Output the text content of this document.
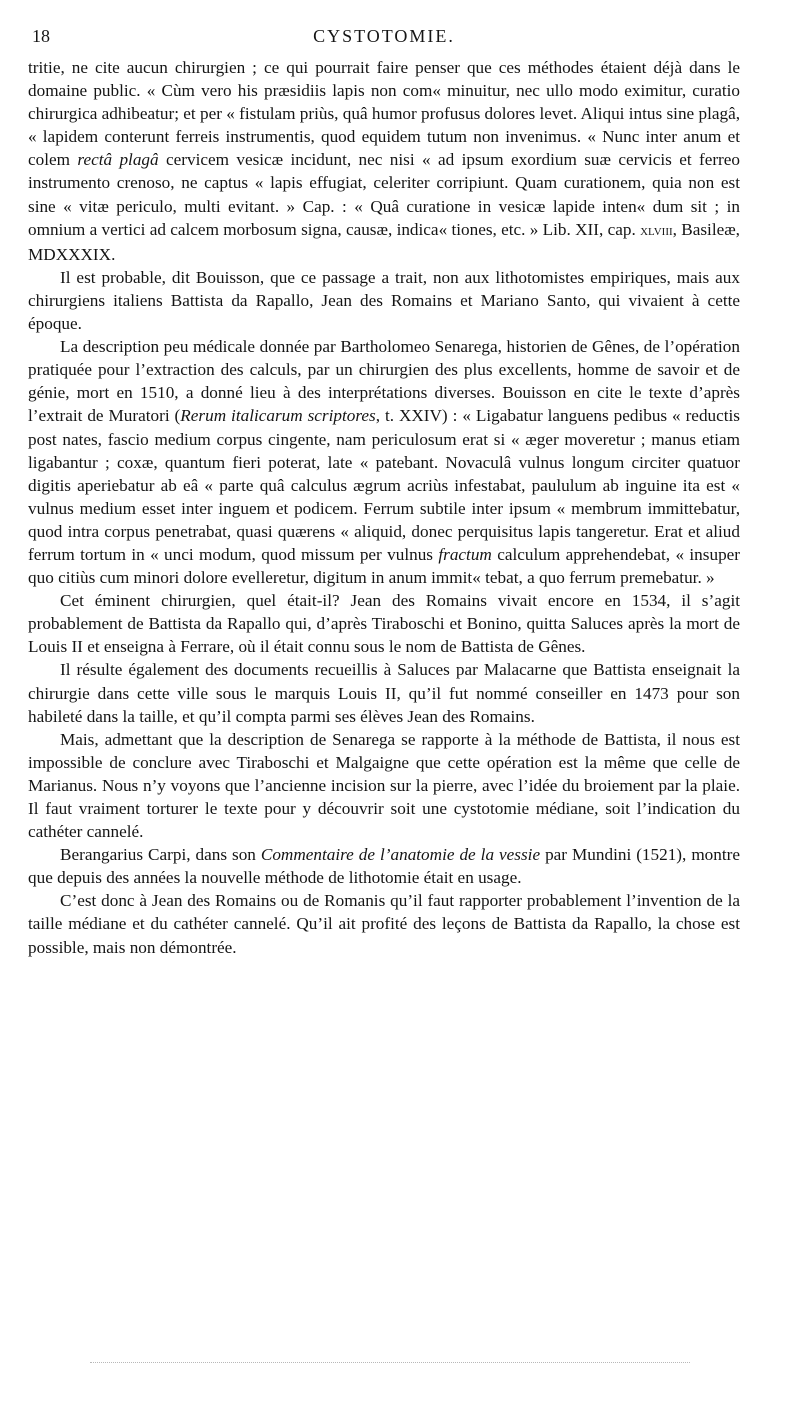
18	CYSTOTOMIE.

tritie, ne cite aucun chirurgien ; ce qui pourrait faire penser que ces méthodes étaient déjà dans le domaine public. « Cùm vero his præsidiis lapis non com« minuitur, nec ullo modo eximitur, curatio chirurgica adhibeatur; et per « fistulam priùs, quâ humor profusus dolores levet. Aliqui intus sine plagâ, « lapidem conterunt ferreis instrumentis, quod equidem tutum non invenimus. « Nunc inter anum et colem rectâ plagâ cervicem vesicæ incidunt, nec nisi « ad ipsum exordium suæ cervicis et ferreo instrumento crenoso, ne captus « lapis effugiat, celeriter corripiunt. Quam curationem, quia non est sine « vitæ periculo, multi evitant. » Cap. : « Quâ curatione in vesicæ lapide inten« dum sit ; in omnium a vertici ad calcem morbosum signa, causæ, indica« tiones, etc. » Lib. XII, cap. xlviii, Basileæ, MDXXXIX.

Il est probable, dit Bouisson, que ce passage a trait, non aux lithotomistes empiriques, mais aux chirurgiens italiens Battista da Rapallo, Jean des Romains et Mariano Santo, qui vivaient à cette époque.

La description peu médicale donnée par Bartholomeo Senarega, historien de Gênes, de l’opération pratiquée pour l’extraction des calculs, par un chirurgien des plus excellents, homme de savoir et de génie, mort en 1510, a donné lieu à des interprétations diverses. Bouisson en cite le texte d’après l’extrait de Muratori (Rerum italicarum scriptores, t. XXIV) : « Ligabatur languens pedibus « reductis post nates, fascio medium corpus cingente, nam periculosum erat si « æger moveretur ; manus etiam ligabantur ; coxæ, quantum fieri poterat, late « patebant. Novaculâ vulnus longum circiter quatuor digitis aperiebatur ab eâ « parte quâ calculus ægrum acriùs infestabat, paululum ab inguine ita est « vulnus medium esset inter inguem et podicem. Ferrum subtile inter ipsum « membrum immittebatur, quod intra corpus penetrabat, quasi quærens « aliquid, donec perquisitus lapis tangeretur. Erat et aliud ferrum tortum in « unci modum, quod missum per vulnus fractum calculum apprehendebat, « insuper quo citiùs cum minori dolore evelleretur, digitum in anum immit« tebat, a quo ferrum premebatur. »

Cet éminent chirurgien, quel était-il? Jean des Romains vivait encore en 1534, il s’agit probablement de Battista da Rapallo qui, d’après Tiraboschi et Bonino, quitta Saluces après la mort de Louis II et enseigna à Ferrare, où il était connu sous le nom de Battista de Gênes.

Il résulte également des documents recueillis à Saluces par Malacarne que Battista enseignait la chirurgie dans cette ville sous le marquis Louis II, qu’il fut nommé conseiller en 1473 pour son habileté dans la taille, et qu’il compta parmi ses élèves Jean des Romains.

Mais, admettant que la description de Senarega se rapporte à la méthode de Battista, il nous est impossible de conclure avec Tiraboschi et Malgaigne que cette opération est la même que celle de Marianus. Nous n’y voyons que l’ancienne incision sur la pierre, avec l’idée du broiement par la plaie. Il faut vraiment torturer le texte pour y découvrir soit une cystotomie médiane, soit l’indication du cathéter cannelé.

Berangarius Carpi, dans son Commentaire de l’anatomie de la vessie par Mundini (1521), montre que depuis des années la nouvelle méthode de lithotomie était en usage.

C’est donc à Jean des Romains ou de Romanis qu’il faut rapporter probablement l’invention de la taille médiane et du cathéter cannelé. Qu’il ait profité des leçons de Battista da Rapallo, la chose est possible, mais non démontrée.
